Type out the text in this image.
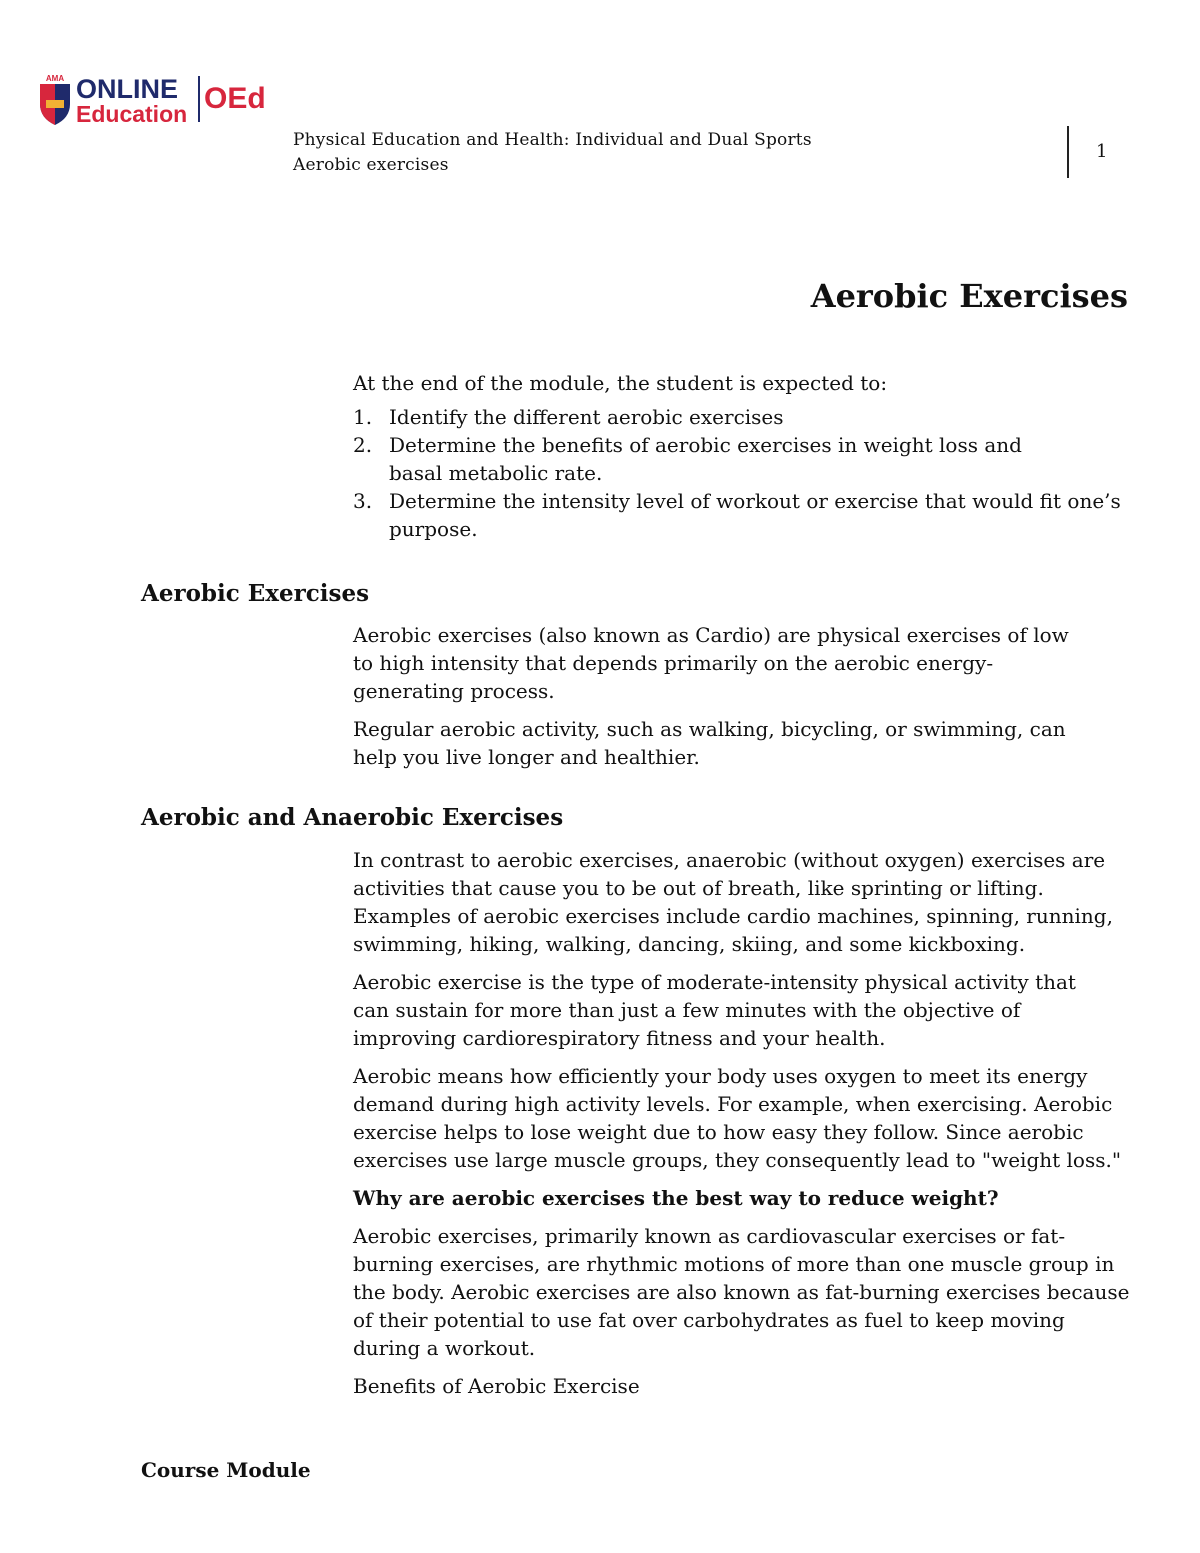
AMA ONLINE
Education OEd
Physical Education and Health: Individual and Dual Sports
Aerobic exercises
1
Aerobic Exercises

At the end of the module, the student is expected to:

1. Identify the different aerobic exercises
2. Determine the benefits of aerobic exercises in weight loss and basal metabolic rate.
3. Determine the intensity level of workout or exercise that would fit one’s purpose.
Aerobic Exercises

Aerobic exercises (also known as Cardio) are physical exercises of low to high intensity that depends primarily on the aerobic energy-generating process.

Regular aerobic activity, such as walking, bicycling, or swimming, can help you live longer and healthier.

Aerobic and Anaerobic Exercises

In contrast to aerobic exercises, anaerobic (without oxygen) exercises are activities that cause you to be out of breath, like sprinting or lifting. Examples of aerobic exercises include cardio machines, spinning, running, swimming, hiking, walking, dancing, skiing, and some kickboxing.

Aerobic exercise is the type of moderate-intensity physical activity that can sustain for more than just a few minutes with the objective of improving cardiorespiratory fitness and your health.

Aerobic means how efficiently your body uses oxygen to meet its energy demand during high activity levels. For example, when exercising. Aerobic exercise helps to lose weight due to how easy they follow. Since aerobic exercises use large muscle groups, they consequently lead to "weight loss."

Why are aerobic exercises the best way to reduce weight?

Aerobic exercises, primarily known as cardiovascular exercises or fat-burning exercises, are rhythmic motions of more than one muscle group in the body. Aerobic exercises are also known as fat-burning exercises because of their potential to use fat over carbohydrates as fuel to keep moving during a workout.

Benefits of Aerobic Exercise

Course Module
